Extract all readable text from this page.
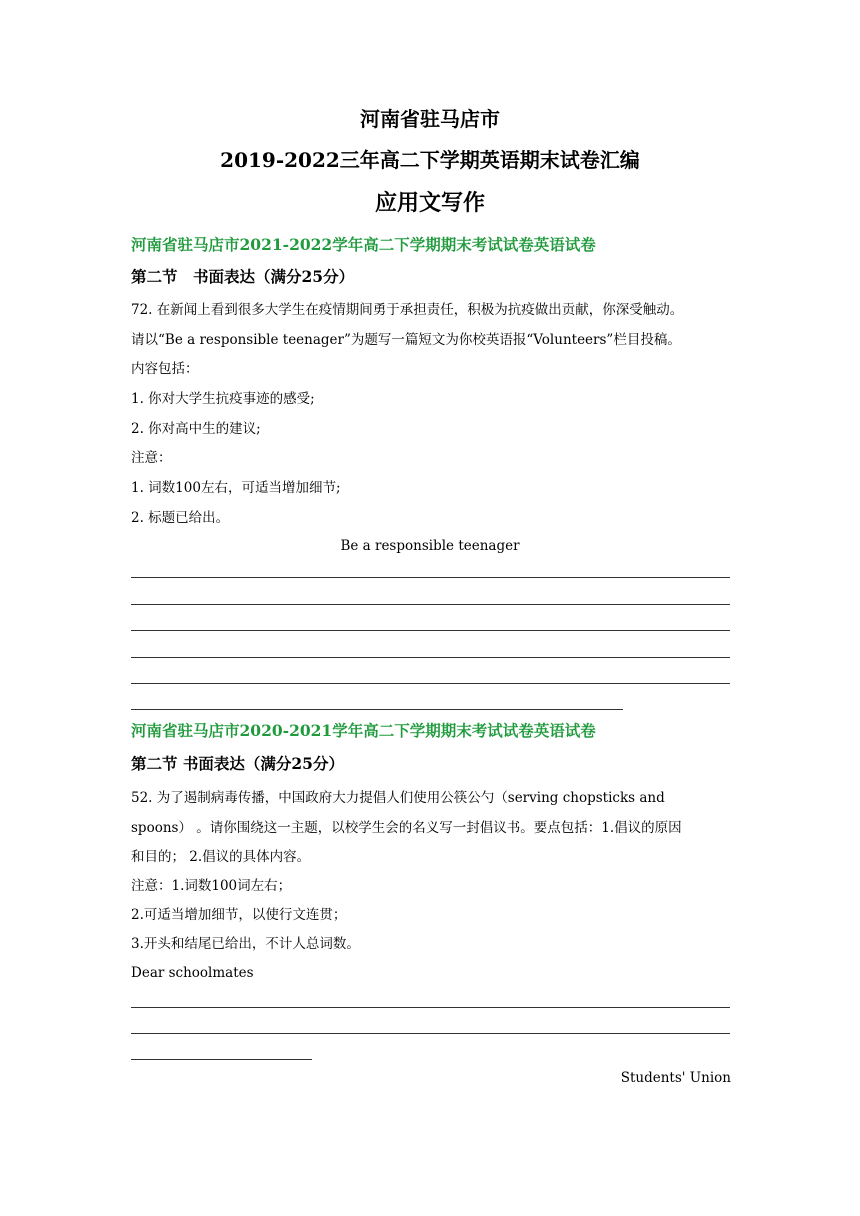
河南省驻马店市
2019-2022三年高二下学期英语期末试卷汇编
应用文写作
河南省驻马店市2021-2022学年高二下学期期末考试试卷英语试卷
第二节　书面表达（满分25分）
72. 在新闻上看到很多大学生在疫情期间勇于承担责任，积极为抗疫做出贡献，你深受触动。
请以“Be a responsible teenager”为题写一篇短文为你校英语报“Volunteers”栏目投稿。
内容包括：
1. 你对大学生抗疫事迹的感受;
2. 你对高中生的建议;
注意：
1. 词数100左右，可适当增加细节;
2. 标题已给出。
Be a responsible teenager
河南省驻马店市2020-2021学年高二下学期期末考试试卷英语试卷
第二节 书面表达（满分25分）
52. 为了遏制病毒传播，中国政府大力提倡人们使用公筷公勺（serving chopsticks and
spoons） 。请你围绕这一主题，以校学生会的名义写一封倡议书。要点包括：1.倡议的原因
和目的； 2.倡议的具体内容。
注意：1.词数100词左右；
2.可适当增加细节，以使行文连贯；
3.开头和结尾已给出，不计人总词数。
Dear schoolmates
Students' Union
